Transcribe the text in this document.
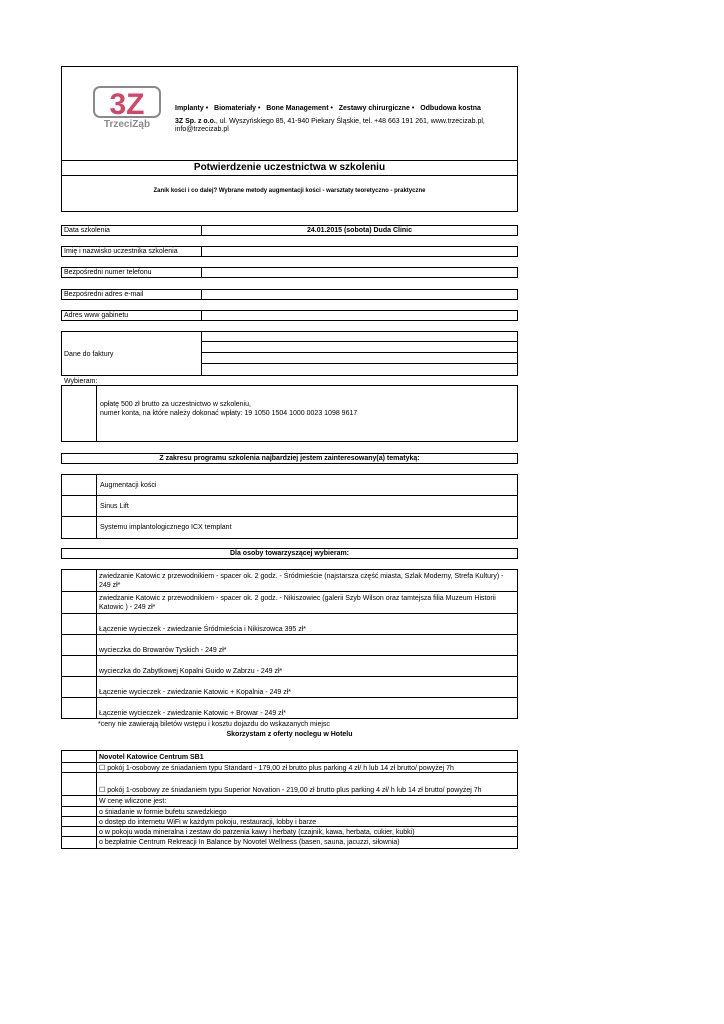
3Z
TrzeciZąb
Implanty •   Biomateriały •   Bone Management •   Zestawy chirurgiczne •   Odbudowa kostna
3Z Sp. z o.o., ul. Wyszyńskiego 85, 41-940 Piekary Śląskie, tel. +48 663 191 261, www.trzecizab.pl,
info@trzecizab.pl
Potwierdzenie uczestnictwa w szkoleniu
Zanik kości i co dalej? Wybrane metody augmentacji kości - warsztaty teoretyczno - praktyczne
Data szkolenia	24.01.2015 (sobota) Duda Clinic
Imię i nazwisko uczestnika szkolenia
Bezpośredni numer telefonu
Bezpośredni adres e-mail
Adres www gabinetu
Dane do faktury
Wybieram:
opłatę 500 zł brutto za uczestnictwo w szkoleniu,
numer konta, na które należy dokonać wpłaty: 19 1050 1504 1000 0023 1098 9617
Z zakresu programu szkolenia najbardziej jestem zainteresowany(a) tematyką:
Augmentacji kości
Sinus Lift
Systemu implantologicznego ICX templant
Dla osoby towarzyszącej wybieram:
zwiedzanie Katowic z przewodnikiem - spacer ok. 2 godz. - Śródmieście (najstarsza część miasta, Szlak Moderny, Strefa Kultury) - 249 zł*
zwiedzanie Katowic z przewodnikiem - spacer ok. 2 godz. - Nikiszowiec (galerii Szyb Wilson oraz tamtejsza filia Muzeum Historii Katowic ) - 249 zł*
Łączenie wycieczek - zwiedzanie Śródmieścia i Nikiszowca 395 zł*
wycieczka do Browarów Tyskich - 249 zł*
wycieczka do Zabytkowej Kopalni Guido w Zabrzu - 249 zł*
Łączenie wycieczek - zwiedzanie Katowic + Kopalnia - 249 zł*
Łączenie wycieczek - zwiedzanie Katowic + Browar - 249 zł*
*ceny nie zawierają biletów wstępu i kosztu dojazdu do wskazanych miejsc
Skorzystam z oferty noclegu w Hotelu
Novotel Katowice Centrum SB1
☐ pokój 1-osobowy ze śniadaniem typu Standard - 179,00 zł brutto plus parking 4 zł/ h lub 14 zł brutto/ powyżej 7h
☐ pokój 1-osobowy ze śniadaniem typu Superior Novation - 219,00 zł brutto plus parking 4 zł/ h lub 14 zł brutto/ powyżej 7h
W cenę wliczone jest:
o śniadanie w formie bufetu szwedzkiego
o dostęp do internetu WiFi w każdym pokoju, restauracji, lobby i barze
o w pokoju woda mineralna i zestaw do parzenia kawy i herbaty (czajnik, kawa, herbata, cukier, kubki)
o bezpłatnie Centrum Rekreacji In Balance by Novotel Wellness (basen, sauna, jacuzzi, siłownia)
